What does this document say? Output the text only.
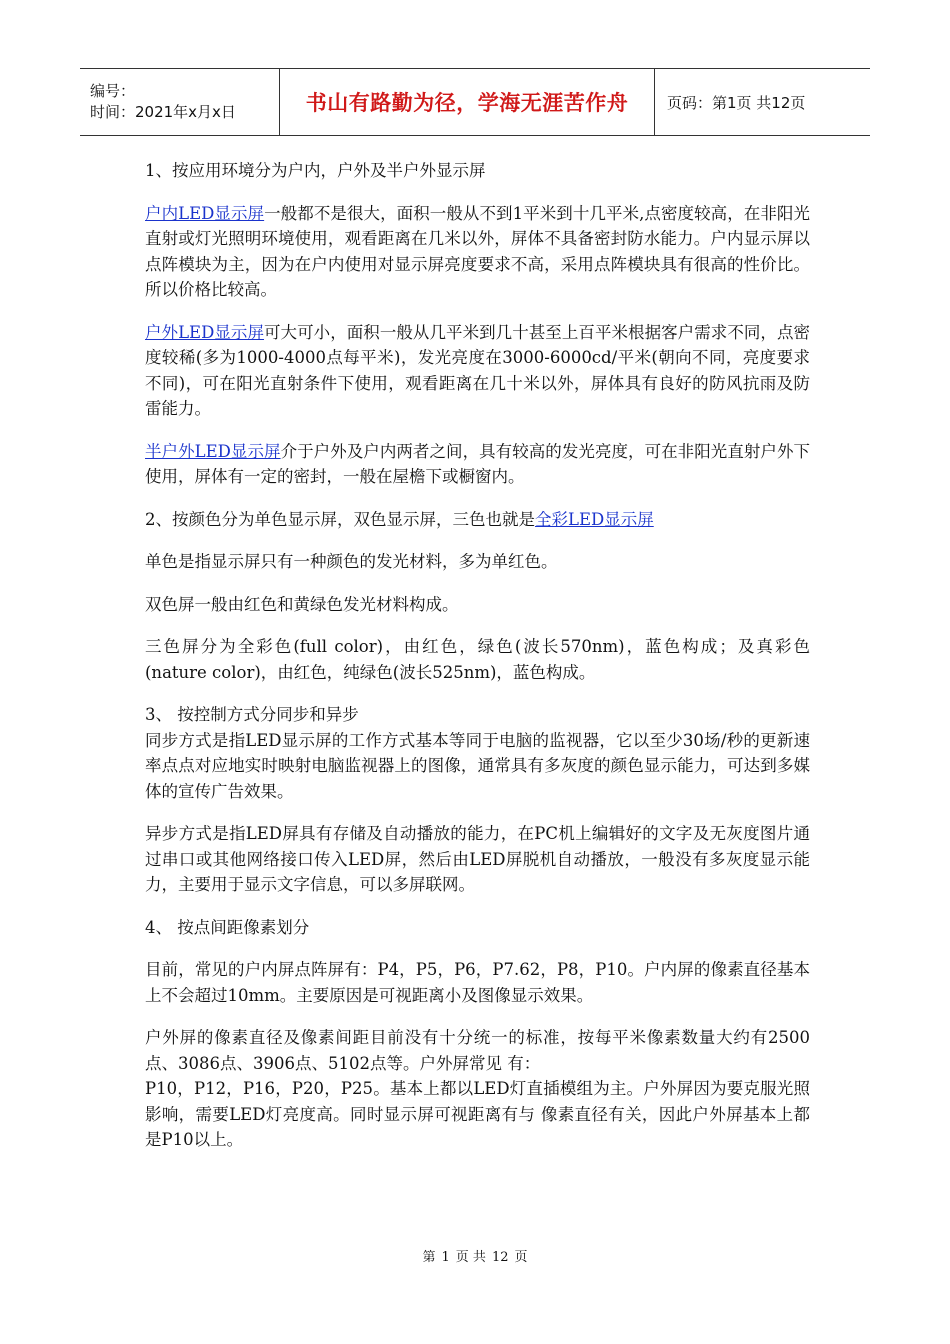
编号：
时间：2021年x月x日	书山有路勤为径，学海无涯苦作舟	页码：第1页 共12页

1、按应用环境分为户内，户外及半户外显示屏

户内LED显示屏一般都不是很大，面积一般从不到1平米到十几平米,点密度较高，在非阳光直射或灯光照明环境使用，观看距离在几米以外，屏体不具备密封防水能力。户内显示屏以点阵模块为主，因为在户内使用对显示屏亮度要求不高，采用点阵模块具有很高的性价比。所以价格比较高。

户外LED显示屏可大可小，面积一般从几平米到几十甚至上百平米根据客户需求不同，点密度较稀(多为1000-4000点每平米)，发光亮度在3000-6000cd/平米(朝向不同，亮度要求不同)，可在阳光直射条件下使用，观看距离在几十米以外，屏体具有良好的防风抗雨及防雷能力。

半户外LED显示屏介于户外及户内两者之间，具有较高的发光亮度，可在非阳光直射户外下使用，屏体有一定的密封，一般在屋檐下或橱窗内。

2、按颜色分为单色显示屏，双色显示屏，三色也就是全彩LED显示屏

单色是指显示屏只有一种颜色的发光材料，多为单红色。

双色屏一般由红色和黄绿色发光材料构成。

三色屏分为全彩色(full color)，由红色，绿色(波长570nm)，蓝色构成；及真彩色(nature color)，由红色，纯绿色(波长525nm)，蓝色构成。

3、 按控制方式分同步和异步

同步方式是指LED显示屏的工作方式基本等同于电脑的监视器，它以至少30场/秒的更新速率点点对应地实时映射电脑监视器上的图像，通常具有多灰度的颜色显示能力，可达到多媒体的宣传广告效果。

异步方式是指LED屏具有存储及自动播放的能力，在PC机上编辑好的文字及无灰度图片通过串口或其他网络接口传入LED屏，然后由LED屏脱机自动播放，一般没有多灰度显示能力，主要用于显示文字信息，可以多屏联网。

4、 按点间距像素划分

目前，常见的户内屏点阵屏有：P4，P5，P6，P7.62，P8，P10。户内屏的像素直径基本上不会超过10mm。主要原因是可视距离小及图像显示效果。

户外屏的像素直径及像素间距目前没有十分统一的标准，按每平米像素数量大约有2500点、3086点、3906点、5102点等。户外屏常见 有：

P10，P12，P16，P20，P25。基本上都以LED灯直插模组为主。户外屏因为要克服光照影响，需要LED灯亮度高。同时显示屏可视距离有与 像素直径有关，因此户外屏基本上都是P10以上。

第 1 页 共 12 页
